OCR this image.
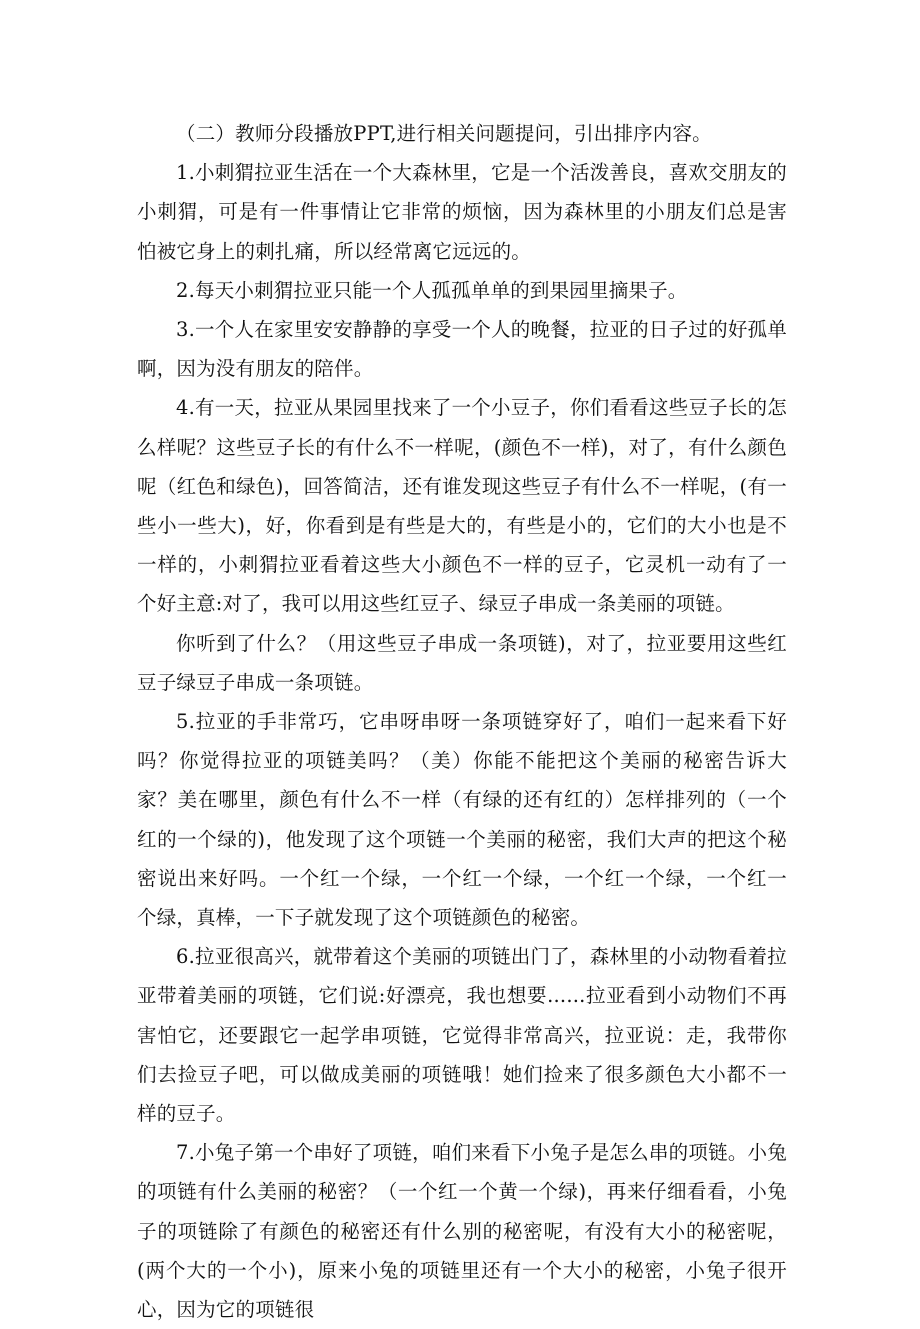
（二）教师分段播放PPT,进行相关问题提问，引出排序内容。

1.小刺猬拉亚生活在一个大森林里，它是一个活泼善良，喜欢交朋友的小刺猬，可是有一件事情让它非常的烦恼，因为森林里的小朋友们总是害怕被它身上的刺扎痛，所以经常离它远远的。

2.每天小刺猬拉亚只能一个人孤孤单单的到果园里摘果子。

3.一个人在家里安安静静的享受一个人的晚餐，拉亚的日子过的好孤单啊，因为没有朋友的陪伴。

4.有一天，拉亚从果园里找来了一个小豆子，你们看看这些豆子长的怎么样呢？这些豆子长的有什么不一样呢，(颜色不一样)，对了，有什么颜色呢（红色和绿色)，回答简洁，还有谁发现这些豆子有什么不一样呢，(有一些小一些大)，好，你看到是有些是大的，有些是小的，它们的大小也是不一样的，小刺猬拉亚看着这些大小颜色不一样的豆子，它灵机一动有了一个好主意:对了，我可以用这些红豆子、绿豆子串成一条美丽的项链。

你听到了什么？（用这些豆子串成一条项链)，对了，拉亚要用这些红豆子绿豆子串成一条项链。

5.拉亚的手非常巧，它串呀串呀一条项链穿好了，咱们一起来看下好吗？你觉得拉亚的项链美吗？（美）你能不能把这个美丽的秘密告诉大家？美在哪里，颜色有什么不一样（有绿的还有红的）怎样排列的（一个红的一个绿的)，他发现了这个项链一个美丽的秘密，我们大声的把这个秘密说出来好吗。一个红一个绿，一个红一个绿，一个红一个绿，一个红一个绿，真棒，一下子就发现了这个项链颜色的秘密。

6.拉亚很高兴，就带着这个美丽的项链出门了，森林里的小动物看着拉亚带着美丽的项链，它们说:好漂亮，我也想要......拉亚看到小动物们不再害怕它，还要跟它一起学串项链，它觉得非常高兴，拉亚说：走，我带你们去捡豆子吧，可以做成美丽的项链哦！她们捡来了很多颜色大小都不一样的豆子。

7.小兔子第一个串好了项链，咱们来看下小兔子是怎么串的项链。小兔的项链有什么美丽的秘密？（一个红一个黄一个绿)，再来仔细看看，小兔子的项链除了有颜色的秘密还有什么别的秘密呢，有没有大小的秘密呢，(两个大的一个小)，原来小兔的项链里还有一个大小的秘密，小兔子很开心，因为它的项链很
